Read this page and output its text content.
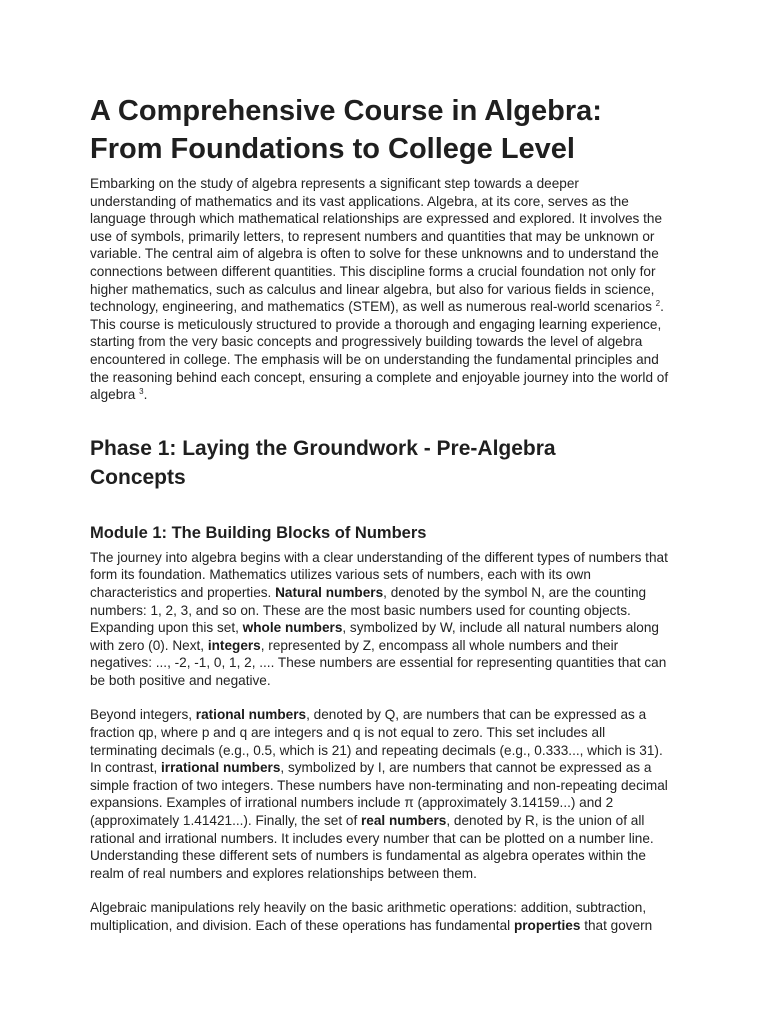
A Comprehensive Course in Algebra:
From Foundations to College Level

Embarking on the study of algebra represents a significant step towards a deeper
understanding of mathematics and its vast applications. Algebra, at its core, serves as the
language through which mathematical relationships are expressed and explored. It involves the
use of symbols, primarily letters, to represent numbers and quantities that may be unknown or
variable. The central aim of algebra is often to solve for these unknowns and to understand the
connections between different quantities. This discipline forms a crucial foundation not only for
higher mathematics, such as calculus and linear algebra, but also for various fields in science,
technology, engineering, and mathematics (STEM), as well as numerous real-world scenarios $^2$.
This course is meticulously structured to provide a thorough and engaging learning experience,
starting from the very basic concepts and progressively building towards the level of algebra
encountered in college. The emphasis will be on understanding the fundamental principles and
the reasoning behind each concept, ensuring a complete and enjoyable journey into the world of
algebra $^3$.

Phase 1: Laying the Groundwork - Pre-Algebra
Concepts
Module 1: The Building Blocks of Numbers

The journey into algebra begins with a clear understanding of the different types of numbers that
form its foundation. Mathematics utilizes various sets of numbers, each with its own
characteristics and properties. Natural numbers, denoted by the symbol N, are the counting
numbers: 1, 2, 3, and so on. These are the most basic numbers used for counting objects.
Expanding upon this set, whole numbers, symbolized by W, include all natural numbers along
with zero (0). Next, integers, represented by Z, encompass all whole numbers and their
negatives: ..., -2, -1, 0, 1, 2, .... These numbers are essential for representing quantities that can
be both positive and negative.

Beyond integers, rational numbers, denoted by Q, are numbers that can be expressed as a
fraction qp, where p and q are integers and q is not equal to zero. This set includes all
terminating decimals (e.g., 0.5, which is 21) and repeating decimals (e.g., 0.333..., which is 31).
In contrast, irrational numbers, symbolized by I, are numbers that cannot be expressed as a
simple fraction of two integers. These numbers have non-terminating and non-repeating decimal
expansions. Examples of irrational numbers include π (approximately 3.14159...) and 2
(approximately 1.41421...). Finally, the set of real numbers, denoted by R, is the union of all
rational and irrational numbers. It includes every number that can be plotted on a number line.
Understanding these different sets of numbers is fundamental as algebra operates within the
realm of real numbers and explores relationships between them.

Algebraic manipulations rely heavily on the basic arithmetic operations: addition, subtraction,
multiplication, and division. Each of these operations has fundamental properties that govern
